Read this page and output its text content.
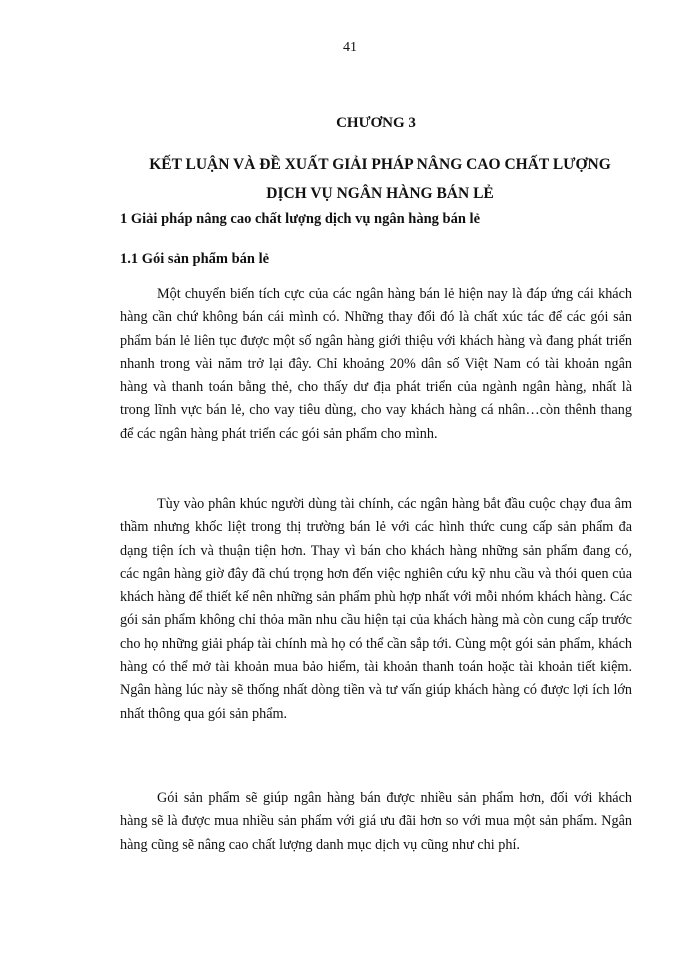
41
CHƯƠNG 3
KẾT LUẬN VÀ ĐỀ XUẤT GIẢI PHÁP NÂNG CAO CHẤT LƯỢNG
DỊCH VỤ NGÂN HÀNG BÁN LẺ
1 Giải pháp nâng cao chất lượng dịch vụ ngân hàng bán lẻ
1.1 Gói sản phẩm bán lẻ

Một chuyển biến tích cực của các ngân hàng bán lẻ hiện nay là đáp ứng cái khách hàng cần chứ không bán cái mình có. Những thay đổi đó là chất xúc tác để các gói sản phẩm bán lẻ liên tục được một số ngân hàng giới thiệu với khách hàng và đang phát triển nhanh trong vài năm trở lại đây. Chỉ khoảng 20% dân số Việt Nam có tài khoản ngân hàng và thanh toán bằng thẻ, cho thấy dư địa phát triển của ngành ngân hàng, nhất là trong lĩnh vực bán lẻ, cho vay tiêu dùng, cho vay khách hàng cá nhân…còn thênh thang để các ngân hàng phát triển các gói sản phẩm cho mình.

Tùy vào phân khúc người dùng tài chính, các ngân hàng bắt đầu cuộc chạy đua âm thầm nhưng khốc liệt trong thị trường bán lẻ với các hình thức cung cấp sản phẩm đa dạng tiện ích và thuận tiện hơn. Thay vì bán cho khách hàng những sản phẩm đang có, các ngân hàng giờ đây đã chú trọng hơn đến việc nghiên cứu kỹ nhu cầu và thói quen của khách hàng để thiết kế nên những sản phẩm phù hợp nhất với mỗi nhóm khách hàng. Các gói sản phẩm không chỉ thỏa mãn nhu cầu hiện tại của khách hàng mà còn cung cấp trước cho họ những giải pháp tài chính mà họ có thể cần sắp tới. Cùng một gói sản phẩm, khách hàng có thể mở tài khoản mua bảo hiểm, tài khoản thanh toán hoặc tài khoản tiết kiệm. Ngân hàng lúc này sẽ thống nhất dòng tiền và tư vấn giúp khách hàng có được lợi ích lớn nhất thông qua gói sản phẩm.

Gói sản phẩm sẽ giúp ngân hàng bán được nhiều sản phẩm hơn, đối với khách hàng sẽ là được mua nhiều sản phẩm với giá ưu đãi hơn so với mua một sản phẩm. Ngân hàng cũng sẽ nâng cao chất lượng danh mục dịch vụ cũng như chi phí.
